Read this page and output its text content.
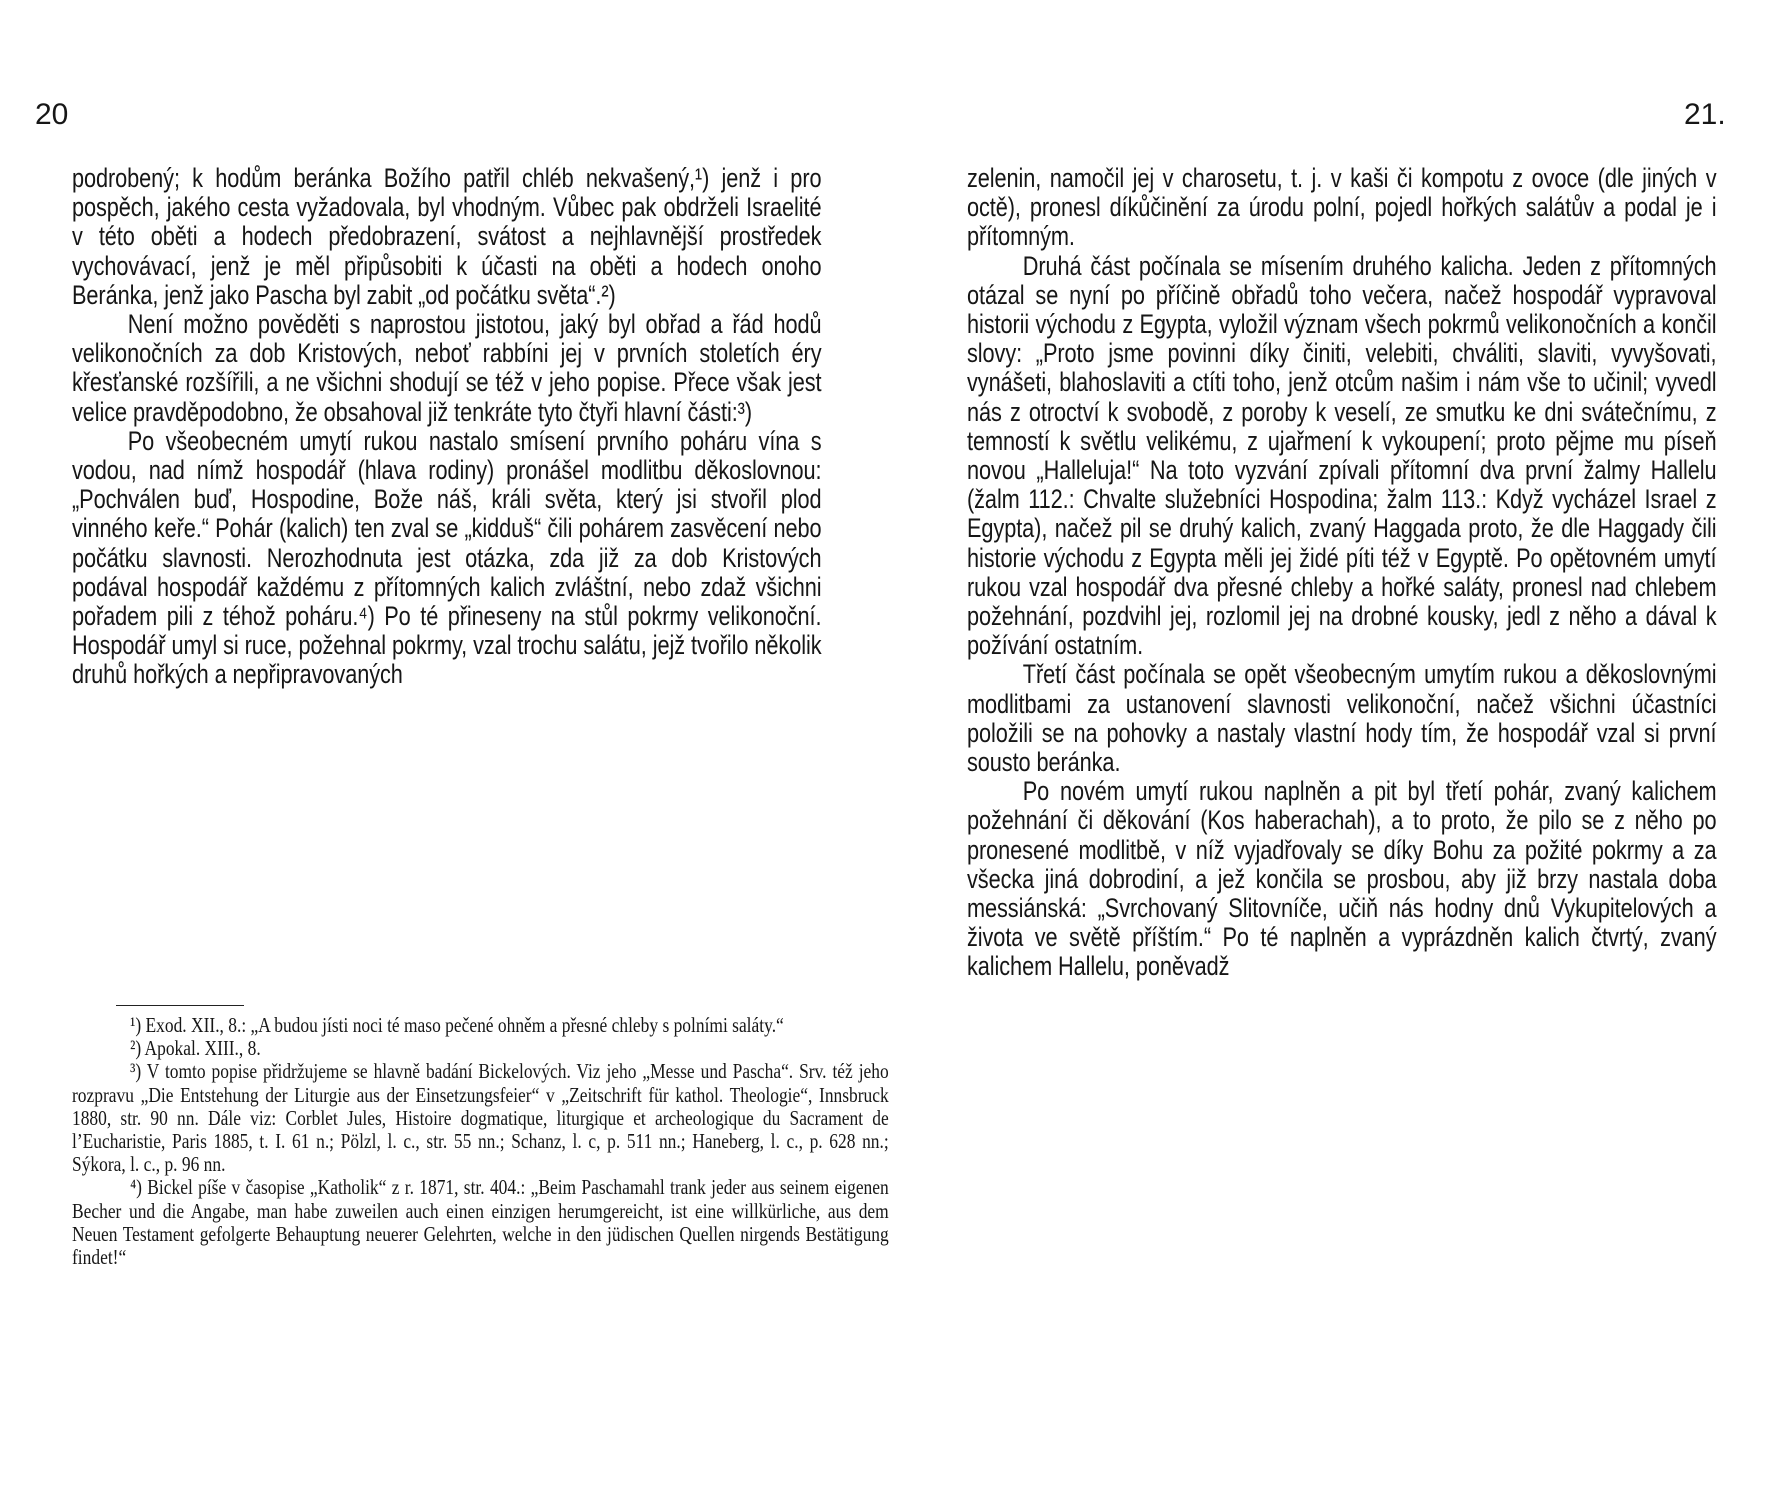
20

podrobený; k hodům beránka Božího patřil chléb nekvašený,¹) jenž i pro pospěch, jakého cesta vyžadovala, byl vhodným. Vůbec pak obdrželi Israelité v této oběti a hodech předobrazení, svátost a nejhlavnější prostředek vychovávací, jenž je měl připůsobiti k účasti na oběti a hodech onoho Beránka, jenž jako Pascha byl zabit „od počátku světa“.²)

Není možno pověděti s naprostou jistotou, jaký byl obřad a řád hodů velikonočních za dob Kristových, neboť rabbíni jej v prvních stoletích éry křesťanské rozšířili, a ne všichni shodují se též v jeho popise. Přece však jest velice pravděpodobno, že obsahoval již tenkráte tyto čtyři hlavní části:³)

Po všeobecném umytí rukou nastalo smísení prvního poháru vína s vodou, nad nímž hospodář (hlava rodiny) pronášel modlitbu děkoslovnou: „Pochválen buď, Hospodine, Bože náš, králi světa, který jsi stvořil plod vinného keře.“ Pohár (kalich) ten zval se „kidduš“ čili pohárem zasvěcení nebo počátku slavnosti. Nerozhodnuta jest otázka, zda již za dob Kristových podával hospodář každému z přítomných kalich zvláštní, nebo zdaž všichni pořadem pili z téhož poháru.⁴) Po té přineseny na stůl pokrmy velikonoční. Hospodář umyl si ruce, požehnal pokrmy, vzal trochu salátu, jejž tvořilo několik druhů hořkých a nepřipravovaných

¹) Exod. XII., 8.: „A budou jísti noci té maso pečené ohněm a přesné chleby s polními saláty.“

²) Apokal. XIII., 8.

³) V tomto popise přidržujeme se hlavně badání Bickelových. Viz jeho „Messe und Pascha“. Srv. též jeho rozpravu „Die Entstehung der Liturgie aus der Einsetzungsfeier“ v „Zeitschrift für kathol. Theologie“, Innsbruck 1880, str. 90 nn. Dále viz: Corblet Jules, Histoire dogmatique, liturgique et archeologique du Sacrament de l’Eucharistie, Paris 1885, t. I. 61 n.; Pölzl, l. c., str. 55 nn.; Schanz, l. c, p. 511 nn.; Haneberg, l. c., p. 628 nn.; Sýkora, l. c., p. 96 nn.

⁴) Bickel píše v časopise „Katholik“ z r. 1871, str. 404.: „Beim Paschamahl trank jeder aus seinem eigenen Becher und die Angabe, man habe zuweilen auch einen einzigen herumgereicht, ist eine willkürliche, aus dem Neuen Testament gefolgerte Behauptung neuerer Gelehrten, welche in den jüdischen Quellen nirgends Bestätigung findet!“

21.

zelenin, namočil jej v charosetu, t. j. v kaši či kompotu z ovoce (dle jiných v octě), pronesl díkůčinění za úrodu polní, pojedl hořkých salátův a podal je i přítomným.

Druhá část počínala se mísením druhého kalicha. Jeden z přítomných otázal se nyní po příčině obřadů toho večera, načež hospodář vypravoval historii východu z Egypta, vyložil význam všech pokrmů velikonočních a končil slovy: „Proto jsme povinni díky činiti, velebiti, chváliti, slaviti, vyvyšovati, vynášeti, blahoslaviti a ctíti toho, jenž otcům našim i nám vše to učinil; vyvedl nás z otroctví k svobodě, z poroby k veselí, ze smutku ke dni svátečnímu, z temností k světlu velikému, z ujařmení k vykoupení; proto pějme mu píseň novou „Halleluja!“ Na toto vyzvání zpívali přítomní dva první žalmy Hallelu (žalm 112.: Chvalte služebníci Hospodina; žalm 113.: Když vycházel Israel z Egypta), načež pil se druhý kalich, zvaný Haggada proto, že dle Haggady čili historie východu z Egypta měli jej židé píti též v Egyptě. Po opětovném umytí rukou vzal hospodář dva přesné chleby a hořké saláty, pronesl nad chlebem požehnání, pozdvihl jej, rozlomil jej na drobné kousky, jedl z něho a dával k požívání ostatním.

Třetí část počínala se opět všeobecným umytím rukou a děkoslovnými modlitbami za ustanovení slavnosti velikonoční, načež všichni účastníci položili se na pohovky a nastaly vlastní hody tím, že hospodář vzal si první sousto beránka.

Po novém umytí rukou naplněn a pit byl třetí pohár, zvaný kalichem požehnání či děkování (Kos haberachah), a to proto, že pilo se z něho po pronesené modlitbě, v níž vyjadřovaly se díky Bohu za požité pokrmy a za všecka jiná dobrodiní, a jež končila se prosbou, aby již brzy nastala doba messiánská: „Svrchovaný Slitovníče, učiň nás hodny dnů Vykupitelových a života ve světě příštím.“ Po té naplněn a vyprázdněn kalich čtvrtý, zvaný kalichem Hallelu, poněvadž
